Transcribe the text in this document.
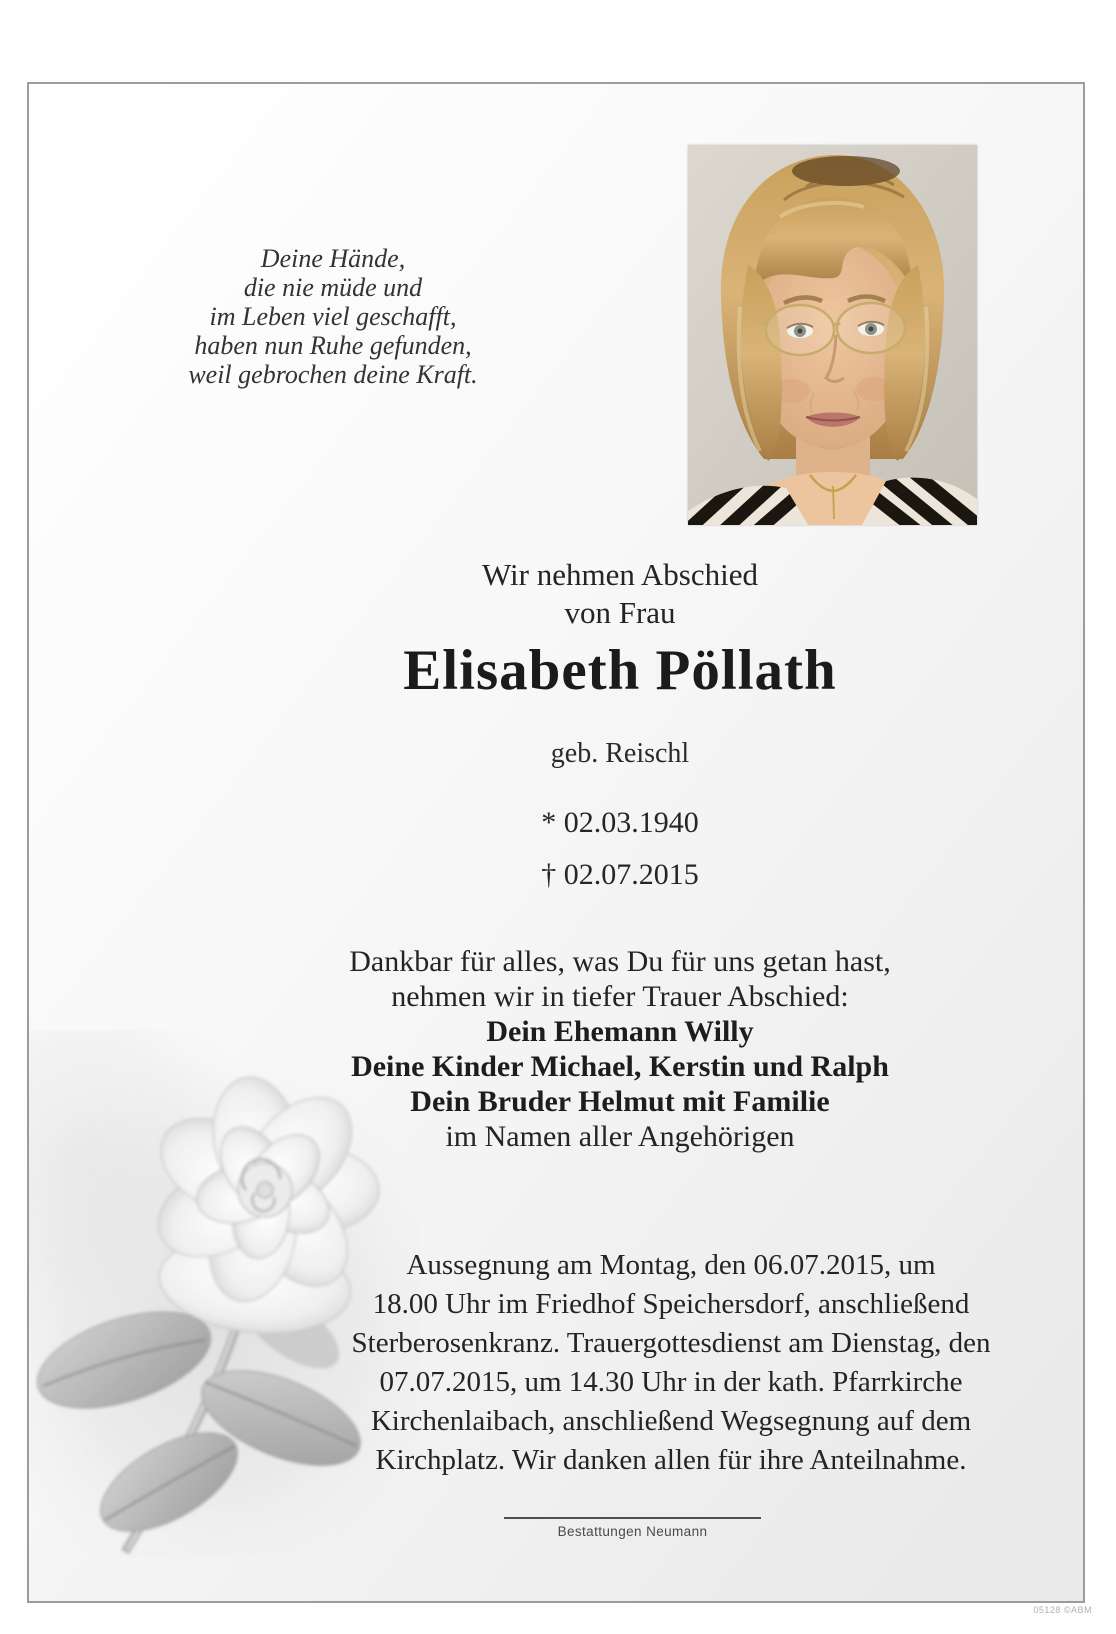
Deine Hände,
die nie müde und
im Leben viel geschafft,
haben nun Ruhe gefunden,
weil gebrochen deine Kraft.
Wir nehmen Abschied
von Frau
Elisabeth Pöllath
geb. Reischl
* 02.03.1940
† 02.07.2015
Dankbar für alles, was Du für uns getan hast,
nehmen wir in tiefer Trauer Abschied:
Dein Ehemann Willy
Deine Kinder Michael, Kerstin und Ralph
Dein Bruder Helmut mit Familie
im Namen aller Angehörigen
Aussegnung am Montag, den 06.07.2015, um
18.00 Uhr im Friedhof Speichersdorf, anschließend
Sterberosenkranz. Trauergottesdienst am Dienstag, den
07.07.2015, um 14.30 Uhr in der kath. Pfarrkirche
Kirchenlaibach, anschließend Wegsegnung auf dem
Kirchplatz. Wir danken allen für ihre Anteilnahme.
Bestattungen Neumann
05128 ©ABM
